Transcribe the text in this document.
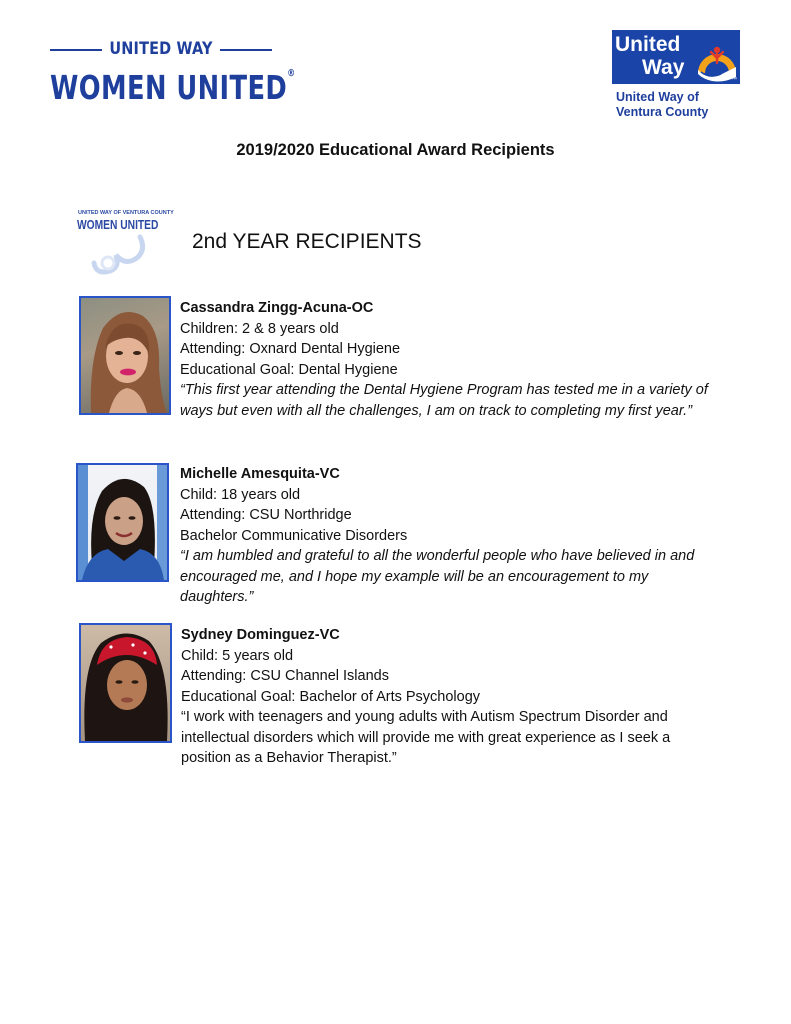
UNITED WAY
WOMEN UNITED®
United
Way
™
United Way of
Ventura County
2019/2020 Educational Award Recipients
UNITED WAY OF VENTURA COUNTY
WOMEN UNITED
2nd YEAR RECIPIENTS
Cassandra Zingg-Acuna-OC
Children: 2 & 8 years old
Attending: Oxnard Dental Hygiene
Educational Goal: Dental Hygiene
“This first year attending the Dental Hygiene Program has tested me in a variety of
ways but even with all the challenges, I am on track to completing my first year.”
Michelle Amesquita-VC
Child: 18 years old
Attending: CSU Northridge
Bachelor Communicative Disorders
“I am humbled and grateful to all the wonderful people who have believed in and
encouraged me, and I hope my example will be an encouragement to my
daughters.”
Sydney Dominguez-VC
Child: 5 years old
Attending: CSU Channel Islands
Educational Goal: Bachelor of Arts Psychology
“I work with teenagers and young adults with Autism Spectrum Disorder and
intellectual disorders which will provide me with great experience as I seek a
position as a Behavior Therapist.”
